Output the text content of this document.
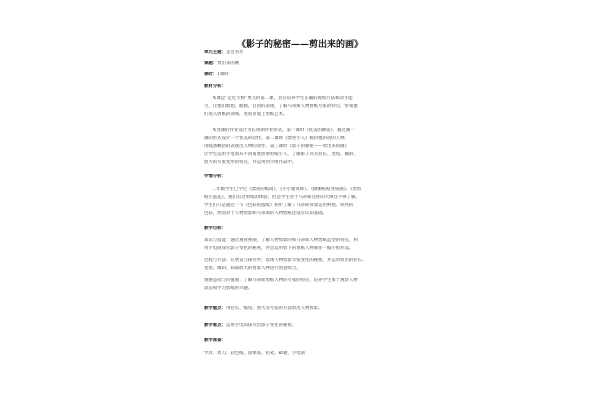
《影子的秘密——剪出来的画》
单元主题：走近名作
课题：剪出来的画
课时：1课时
教材分析：
本课是“走近大师”单元的第二课，旨在培养学生正确的观察方法和动手能
力，让他们敢想、敢画，自由的表现，了解马蒂斯人物剪纸夸张的特点，带领他
们进入剪纸的领域，进而喜爱上剪纸艺术。
本变课的作业设计为长周期作业形式，第一课时《优美的舞姿》，通过画一
画的形式设计一个优美的动作，第二课时《漂亮小人》模仿他的动的人物。
用线条概括的表现出人物的动作，第三课时《影子的秘密——剪出来的画》
让学生运用手电筒从不同角度照射剪纸小人，了解影子具有拉长、变短、倾斜、
放大的夸张变形的特点，并运用到小组作品中。
学情分析：
二年级学生已学过《漂亮的纸筒》、《小小建筑师》、《撕撕贴贴变成画》、《剪剪
纸小篮花》，他们有过剪纸的体验，但是学生对于马蒂斯这样的大师还不够了解，
学生们只是通过一节《色彩的搭配》初步了解了马蒂斯喜欢运用鲜艳、明亮的
色彩，然而对于人物剪影和马蒂斯的人物剪纸还没有认知基础。
教学目标：
知识与技能：通过观看视频，了解人物剪影的和马蒂斯人物剪纸造型的特点，利
用手电筒探究影子变化的秘密，并会运用剪下的剪纸人物制作一幅小组作品。
过程与方法：在欣赏与探究中，发现人物剪影夸张变化的秘密，并运用剪出的拉长、
变短、倾斜、局部放大的剪影人物进行创意组合。
情感态度与价值观：了解马蒂斯剪纸人物的夸张的特点，培养学生勇于观察人物
动态和学习剪纸的兴趣。
教学重点：用拉长、缩短、放大等夸张的方法剪出人物剪影。
教学难点：运用手电筒探究出影子变化的秘密。
教学准备：
学具：剪刀、彩色纸、固体胶、铅笔、kt板、手电筒
